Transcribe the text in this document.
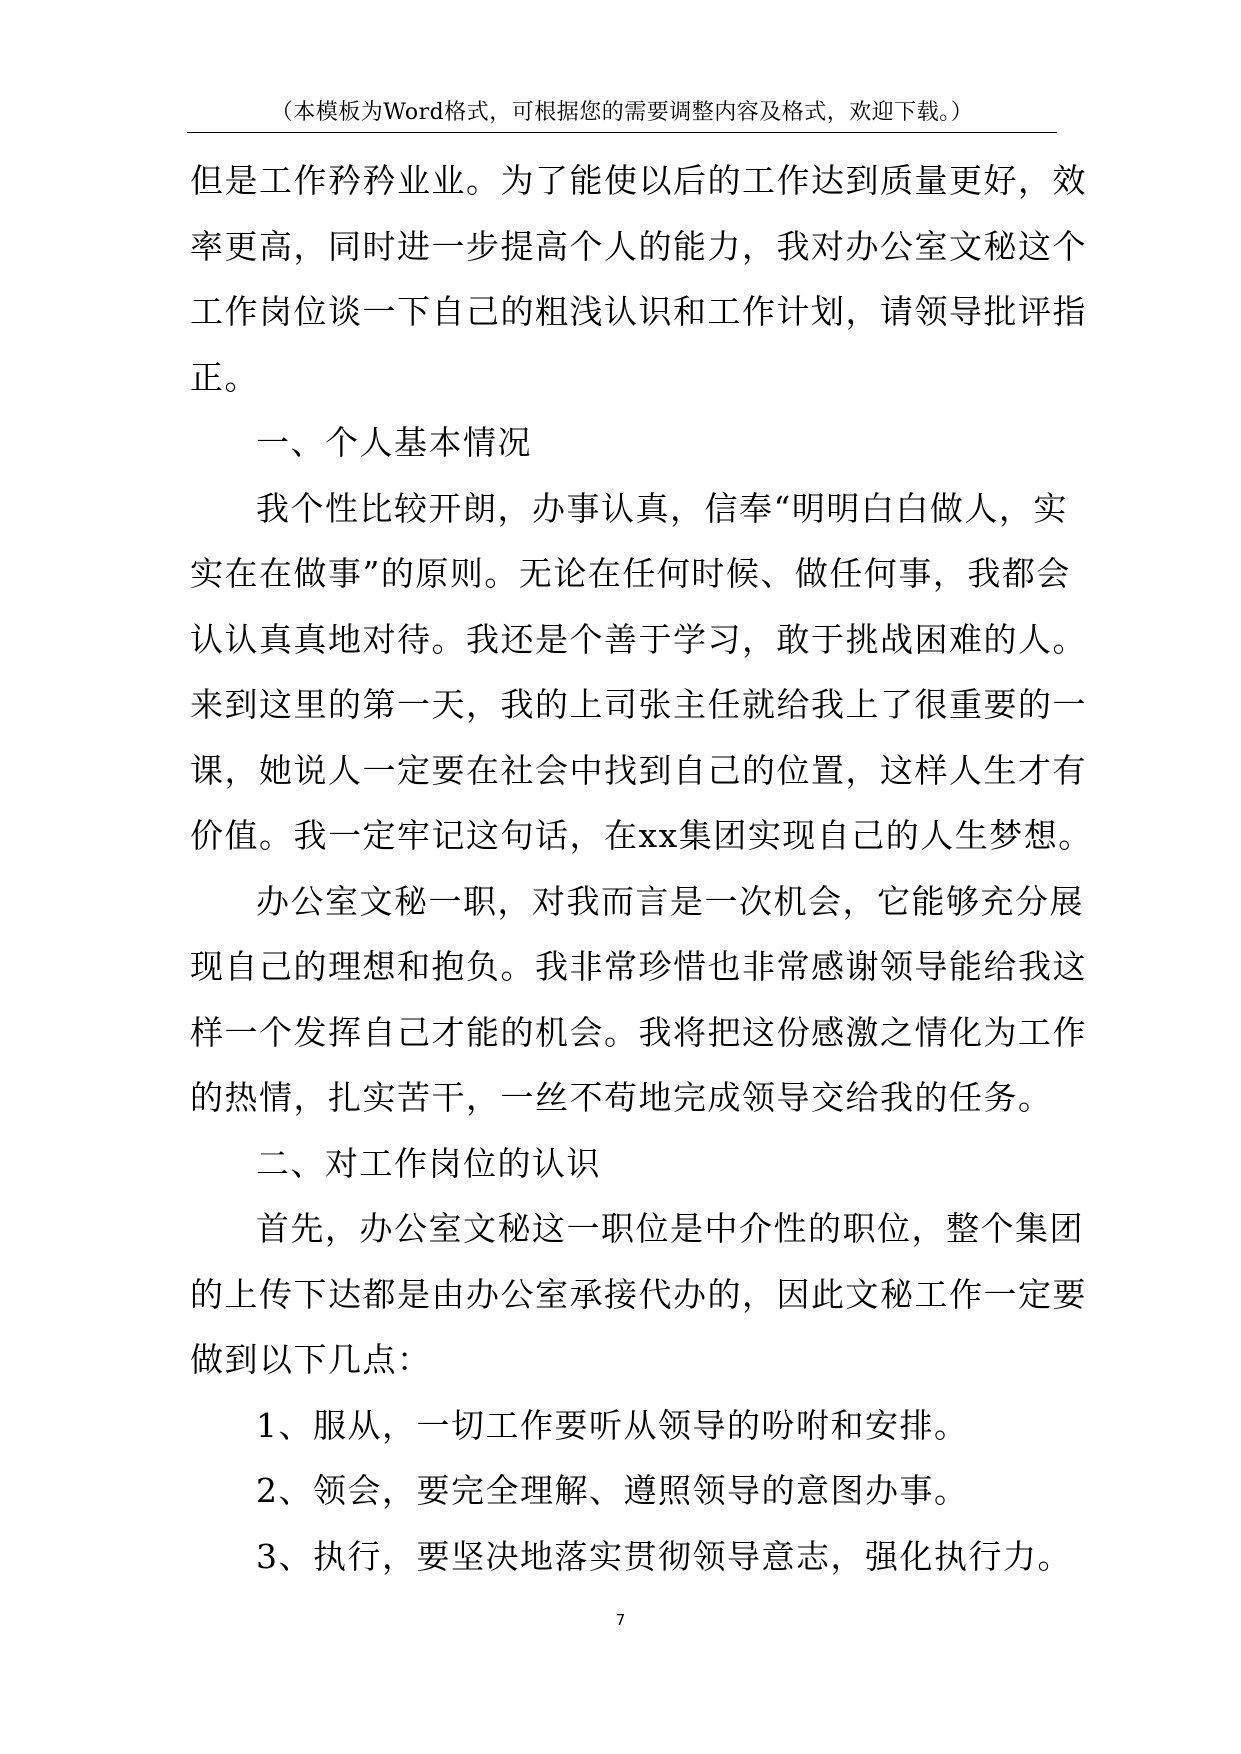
（本模板为Word格式，可根据您的需要调整内容及格式，欢迎下载。）
但是工作矜矜业业。为了能使以后的工作达到质量更好，效
率更高，同时进一步提高个人的能力，我对办公室文秘这个
工作岗位谈一下自己的粗浅认识和工作计划，请领导批评指
正。
一、个人基本情况
我个性比较开朗，办事认真，信奉“明明白白做人，实
实在在做事”的原则。无论在任何时候、做任何事，我都会
认认真真地对待。我还是个善于学习，敢于挑战困难的人。
来到这里的第一天，我的上司张主任就给我上了很重要的一
课，她说人一定要在社会中找到自己的位置，这样人生才有
价值。我一定牢记这句话，在xx集团实现自己的人生梦想。
办公室文秘一职，对我而言是一次机会，它能够充分展
现自己的理想和抱负。我非常珍惜也非常感谢领导能给我这
样一个发挥自己才能的机会。我将把这份感激之情化为工作
的热情，扎实苦干，一丝不苟地完成领导交给我的任务。
二、对工作岗位的认识
首先，办公室文秘这一职位是中介性的职位，整个集团
的上传下达都是由办公室承接代办的，因此文秘工作一定要
做到以下几点：
1、服从，一切工作要听从领导的吩咐和安排。
2、领会，要完全理解、遵照领导的意图办事。
3、执行，要坚决地落实贯彻领导意志，强化执行力。
7
